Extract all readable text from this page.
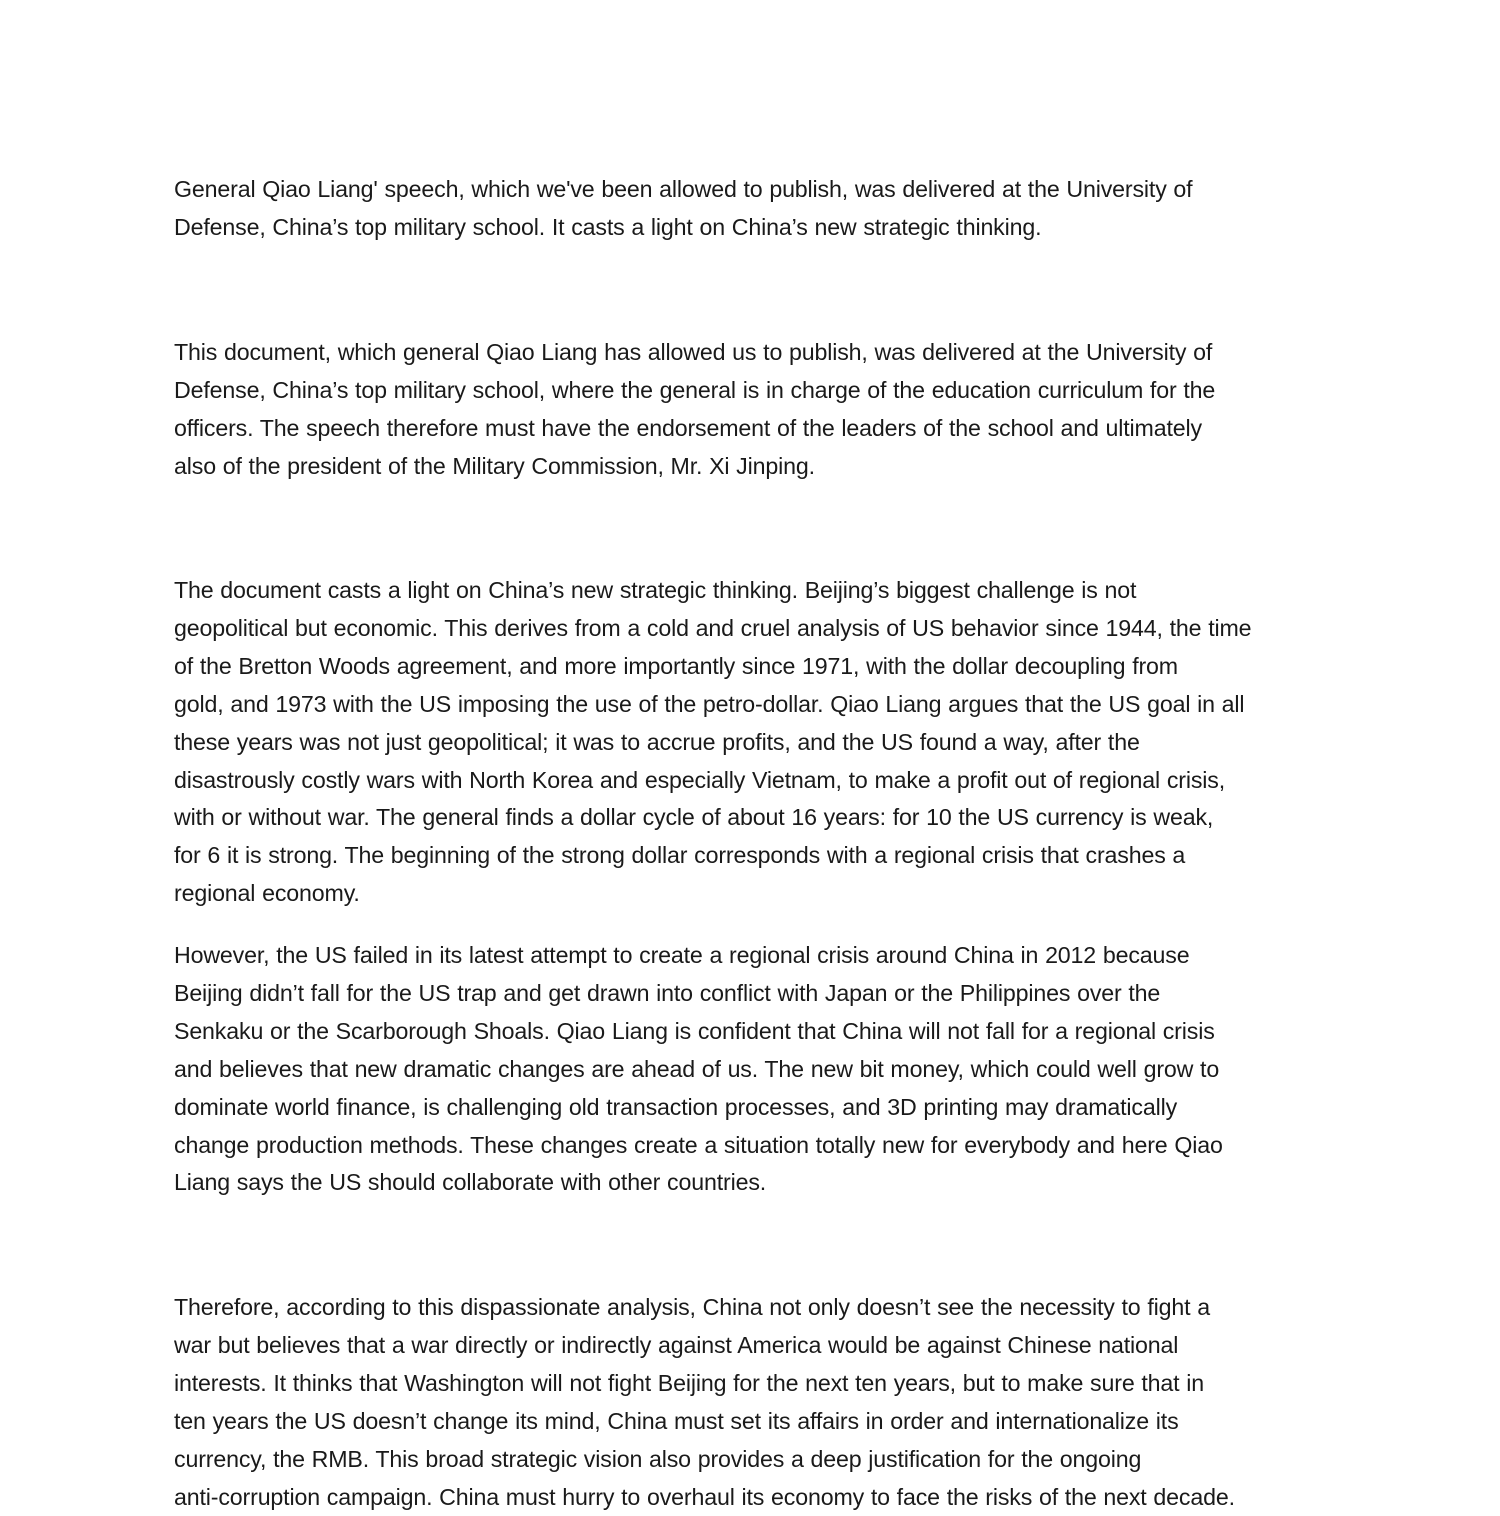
General Qiao Liang' speech, which we've been allowed to publish, was delivered at the University of
Defense, China’s top military school. It casts a light on China’s new strategic thinking.
This document, which general Qiao Liang has allowed us to publish, was delivered at the University of
Defense, China’s top military school, where the general is in charge of the education curriculum for the
officers. The speech therefore must have the endorsement of the leaders of the school and ultimately
also of the president of the Military Commission, Mr. Xi Jinping.
The document casts a light on China’s new strategic thinking. Beijing’s biggest challenge is not
geopolitical but economic. This derives from a cold and cruel analysis of US behavior since 1944, the time
of the Bretton Woods agreement, and more importantly since 1971, with the dollar decoupling from
gold, and 1973 with the US imposing the use of the petro-dollar. Qiao Liang argues that the US goal in all
these years was not just geopolitical; it was to accrue profits, and the US found a way, after the
disastrously costly wars with North Korea and especially Vietnam, to make a profit out of regional crisis,
with or without war. The general finds a dollar cycle of about 16 years: for 10 the US currency is weak,
for 6 it is strong. The beginning of the strong dollar corresponds with a regional crisis that crashes a
regional economy.
However, the US failed in its latest attempt to create a regional crisis around China in 2012 because
Beijing didn’t fall for the US trap and get drawn into conflict with Japan or the Philippines over the
Senkaku or the Scarborough Shoals. Qiao Liang is confident that China will not fall for a regional crisis
and believes that new dramatic changes are ahead of us. The new bit money, which could well grow to
dominate world finance, is challenging old transaction processes, and 3D printing may dramatically
change production methods. These changes create a situation totally new for everybody and here Qiao
Liang says the US should collaborate with other countries.
Therefore, according to this dispassionate analysis, China not only doesn’t see the necessity to fight a
war but believes that a war directly or indirectly against America would be against Chinese national
interests. It thinks that Washington will not fight Beijing for the next ten years, but to make sure that in
ten years the US doesn’t change its mind, China must set its affairs in order and internationalize its
currency, the RMB. This broad strategic vision also provides a deep justification for the ongoing
anti-corruption campaign. China must hurry to overhaul its economy to face the risks of the next decade.
